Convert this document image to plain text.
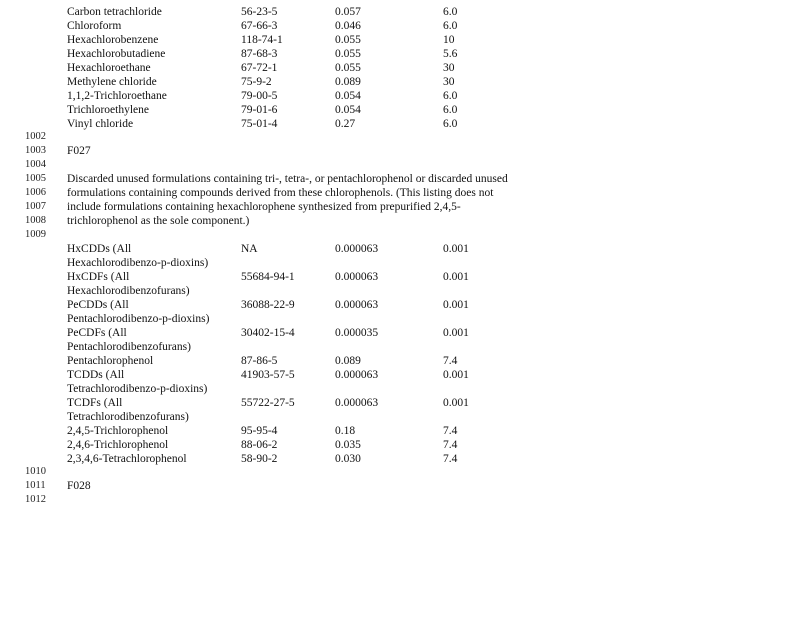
Carbon tetrachloride	56-23-5	0.057	6.0
Chloroform	67-66-3	0.046	6.0
Hexachlorobenzene	118-74-1	0.055	10
Hexachlorobutadiene	87-68-3	0.055	5.6
Hexachloroethane	67-72-1	0.055	30
Methylene chloride	75-9-2	0.089	30
1,1,2-Trichloroethane	79-00-5	0.054	6.0
Trichloroethylene	79-01-6	0.054	6.0
Vinyl chloride	75-01-4	0.27	6.0
1002
1003 F027
1004
1005 Discarded unused formulations containing tri-, tetra-, or pentachlorophenol or discarded unused
1006 formulations containing compounds derived from these chlorophenols. (This listing does not
1007 include formulations containing hexachlorophene synthesized from prepurified 2,4,5-
1008 trichlorophenol as the sole component.)
1009
HxCDDs (All	NA	0.000063	0.001
Hexachlorodibenzo-p-dioxins)
HxCDFs (All	55684-94-1	0.000063	0.001
Hexachlorodibenzofurans)
PeCDDs (All	36088-22-9	0.000063	0.001
Pentachlorodibenzo-p-dioxins)
PeCDFs (All	30402-15-4	0.000035	0.001
Pentachlorodibenzofurans)
Pentachlorophenol	87-86-5	0.089	7.4
TCDDs (All	41903-57-5	0.000063	0.001
Tetrachlorodibenzo-p-dioxins)
TCDFs (All	55722-27-5	0.000063	0.001
Tetrachlorodibenzofurans)
2,4,5-Trichlorophenol	95-95-4	0.18	7.4
2,4,6-Trichlorophenol	88-06-2	0.035	7.4
2,3,4,6-Tetrachlorophenol	58-90-2	0.030	7.4
1010
1011 F028
1012
